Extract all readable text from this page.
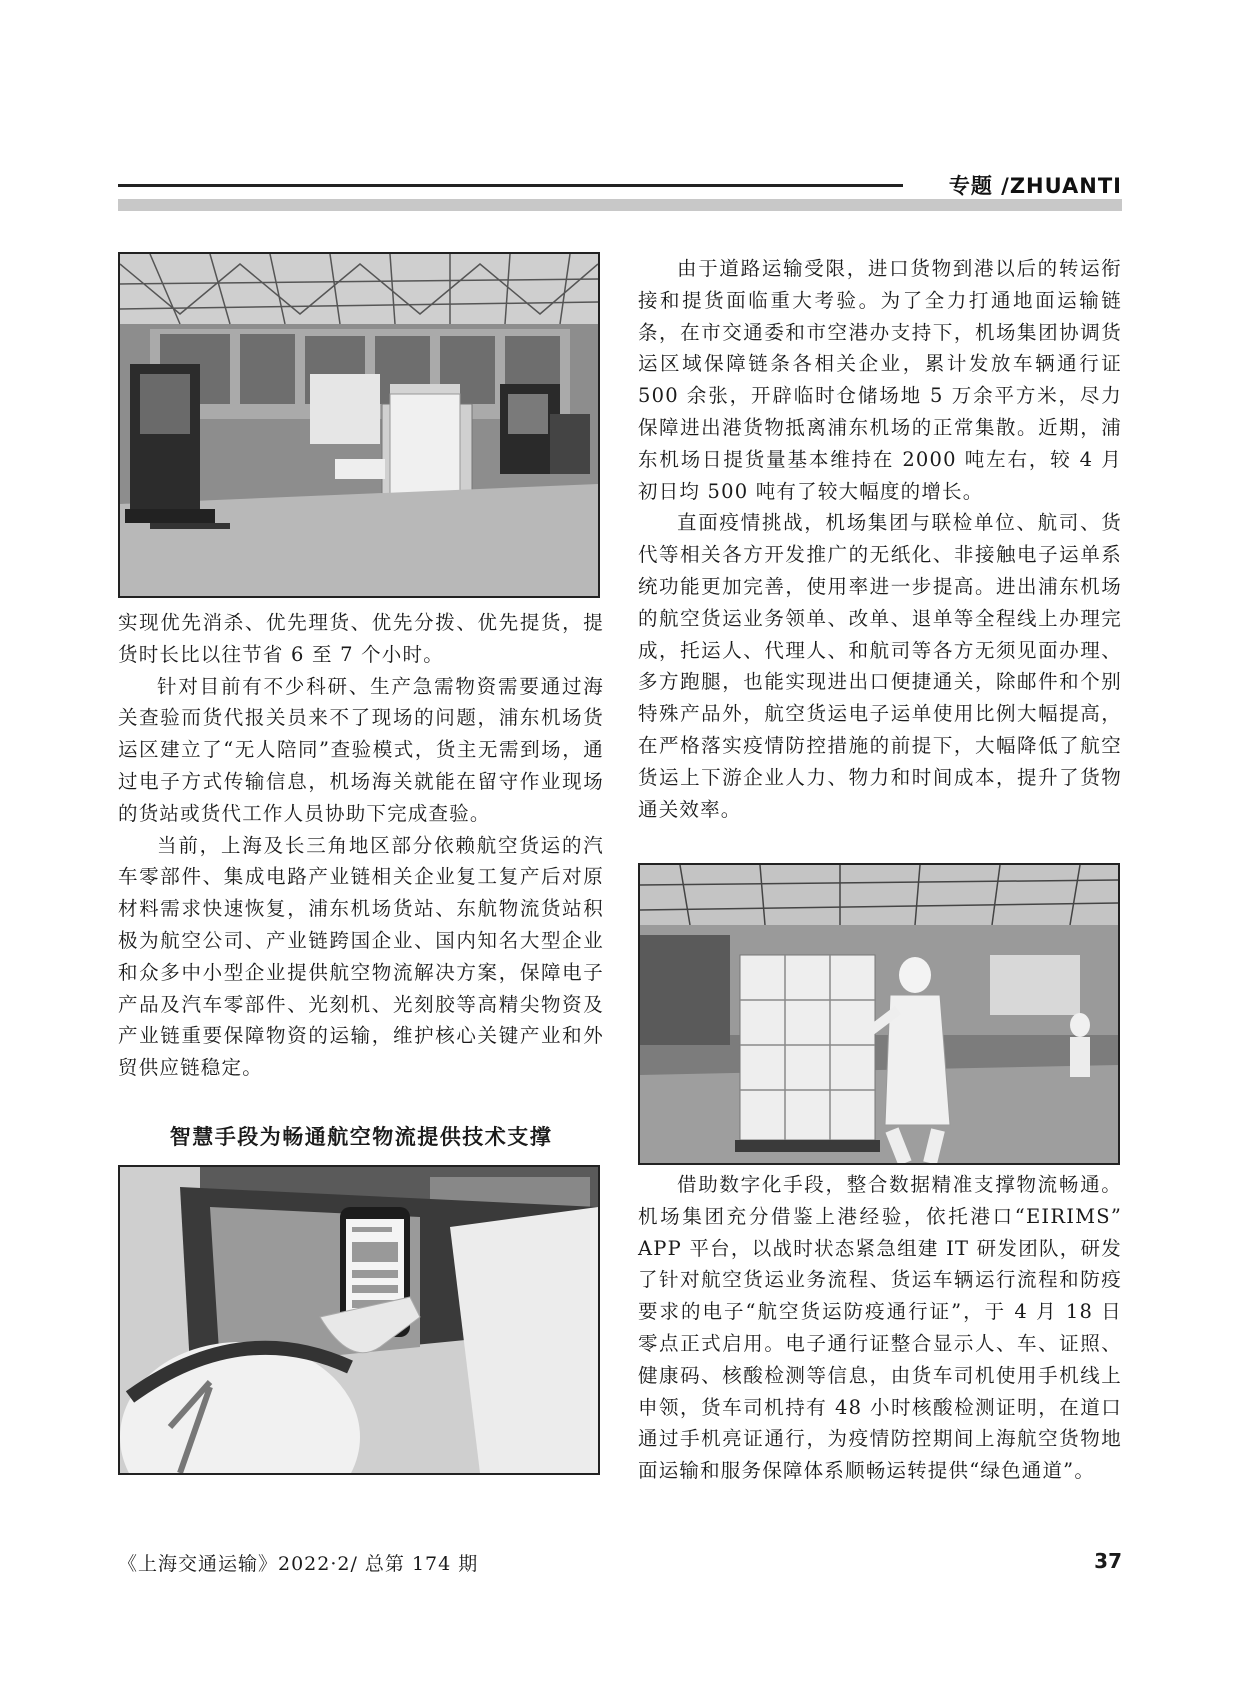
专题 /ZHUANTI

实现优先消杀、优先理货、优先分拨、优先提货，提货时长比以往节省 6 至 7 个小时。

针对目前有不少科研、生产急需物资需要通过海关查验而货代报关员来不了现场的问题，浦东机场货运区建立了“无人陪同”查验模式，货主无需到场，通过电子方式传输信息，机场海关就能在留守作业现场的货站或货代工作人员协助下完成查验。

当前，上海及长三角地区部分依赖航空货运的汽车零部件、集成电路产业链相关企业复工复产后对原材料需求快速恢复，浦东机场货站、东航物流货站积极为航空公司、产业链跨国企业、国内知名大型企业和众多中小型企业提供航空物流解决方案，保障电子产品及汽车零部件、光刻机、光刻胶等高精尖物资及产业链重要保障物资的运输，维护核心关键产业和外贸供应链稳定。

智慧手段为畅通航空物流提供技术支撑

由于道路运输受限，进口货物到港以后的转运衔接和提货面临重大考验。为了全力打通地面运输链条，在市交通委和市空港办支持下，机场集团协调货运区域保障链条各相关企业，累计发放车辆通行证 500 余张，开辟临时仓储场地 5 万余平方米，尽力保障进出港货物抵离浦东机场的正常集散。近期，浦东机场日提货量基本维持在 2000 吨左右，较 4 月初日均 500 吨有了较大幅度的增长。

直面疫情挑战，机场集团与联检单位、航司、货代等相关各方开发推广的无纸化、非接触电子运单系统功能更加完善，使用率进一步提高。进出浦东机场的航空货运业务领单、改单、退单等全程线上办理完成，托运人、代理人、和航司等各方无须见面办理、多方跑腿，也能实现进出口便捷通关，除邮件和个别特殊产品外，航空货运电子运单使用比例大幅提高，在严格落实疫情防控措施的前提下，大幅降低了航空货运上下游企业人力、物力和时间成本，提升了货物通关效率。

借助数字化手段，整合数据精准支撑物流畅通。机场集团充分借鉴上港经验，依托港口“EIRIMS” APP 平台，以战时状态紧急组建 IT 研发团队，研发了针对航空货运业务流程、货运车辆运行流程和防疫要求的电子“航空货运防疫通行证”，于 4 月 18 日零点正式启用。电子通行证整合显示人、车、证照、健康码、核酸检测等信息，由货车司机使用手机线上申领，货车司机持有 48 小时核酸检测证明，在道口通过手机亮证通行，为疫情防控期间上海航空货物地面运输和服务保障体系顺畅运转提供“绿色通道”。

《上海交通运输》2022·2/ 总第 174 期	37
